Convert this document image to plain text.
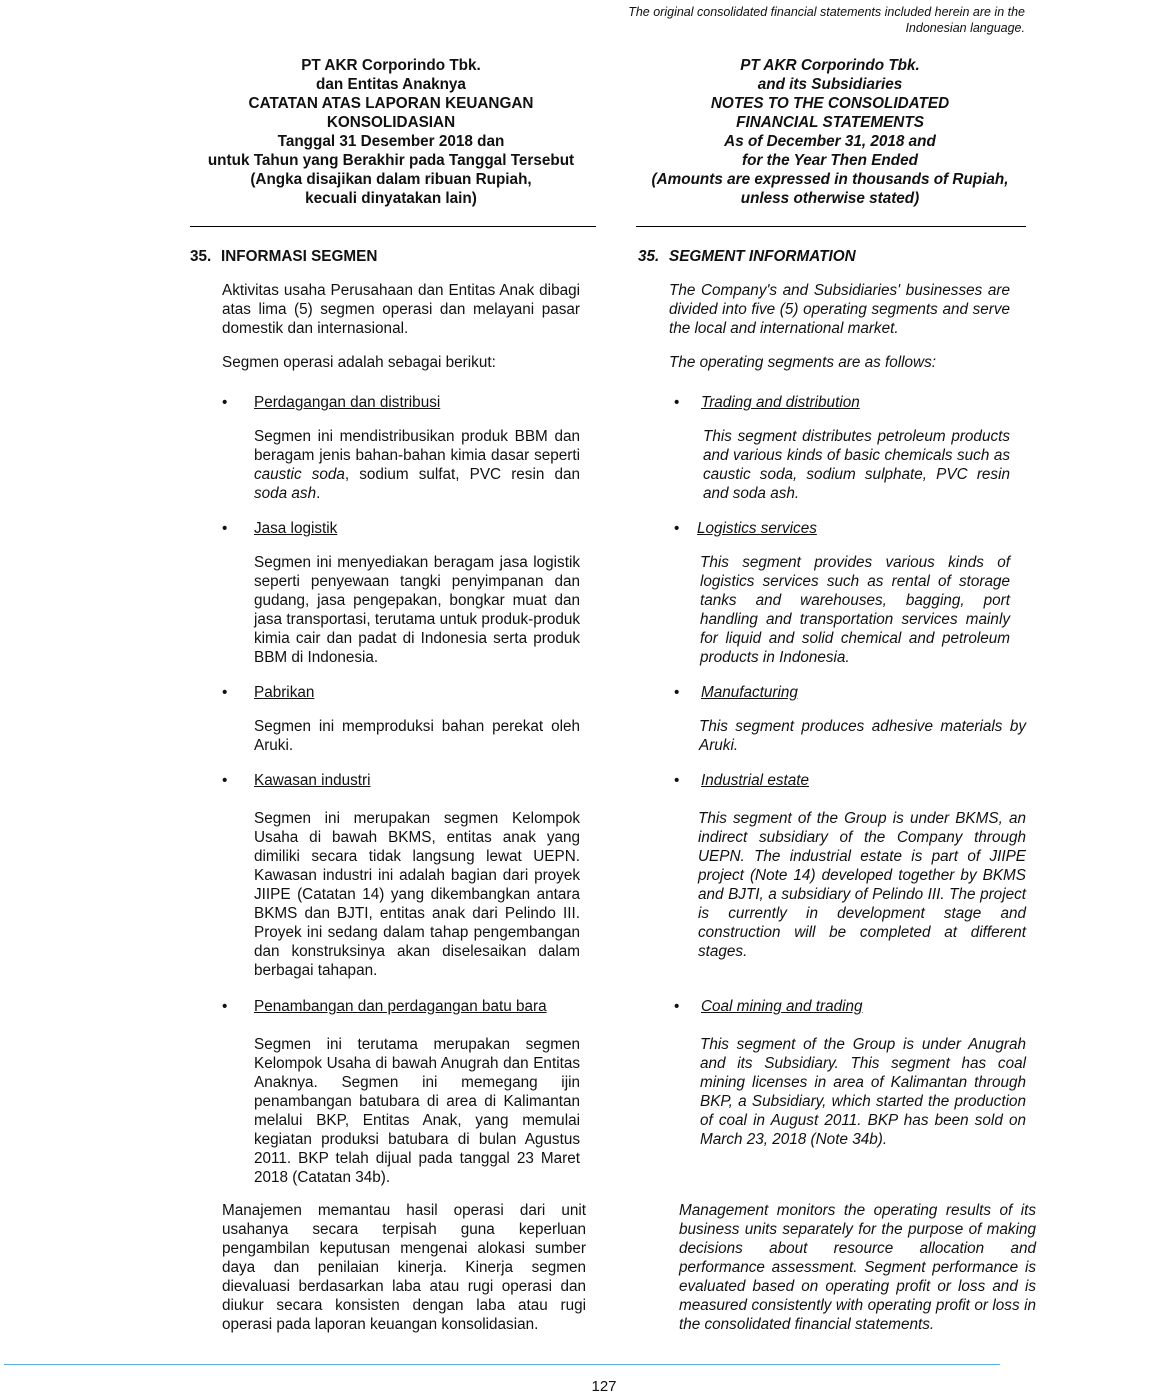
The original consolidated financial statements included herein are in the Indonesian language.
PT AKR Corporindo Tbk.
dan Entitas Anaknya
CATATAN ATAS LAPORAN KEUANGAN
KONSOLIDASIAN
Tanggal 31 Desember 2018 dan
untuk Tahun yang Berakhir pada Tanggal Tersebut
(Angka disajikan dalam ribuan Rupiah,
kecuali dinyatakan lain)
PT AKR Corporindo Tbk.
and its Subsidiaries
NOTES TO THE CONSOLIDATED
FINANCIAL STATEMENTS
As of December 31, 2018 and
for the Year Then Ended
(Amounts are expressed in thousands of Rupiah,
unless otherwise stated)
35. INFORMASI SEGMEN
Aktivitas usaha Perusahaan dan Entitas Anak dibagi atas lima (5) segmen operasi dan melayani pasar domestik dan internasional.
Segmen operasi adalah sebagai berikut:
• Perdagangan dan distribusi
Segmen ini mendistribusikan produk BBM dan beragam jenis bahan-bahan kimia dasar seperti caustic soda, sodium sulfat, PVC resin dan soda ash.
• Jasa logistik
Segmen ini menyediakan beragam jasa logistik seperti penyewaan tangki penyimpanan dan gudang, jasa pengepakan, bongkar muat dan jasa transportasi, terutama untuk produk-produk kimia cair dan padat di Indonesia serta produk BBM di Indonesia.
• Pabrikan
Segmen ini memproduksi bahan perekat oleh Aruki.
• Kawasan industri
Segmen ini merupakan segmen Kelompok Usaha di bawah BKMS, entitas anak yang dimiliki secara tidak langsung lewat UEPN. Kawasan industri ini adalah bagian dari proyek JIIPE (Catatan 14) yang dikembangkan antara BKMS dan BJTI, entitas anak dari Pelindo III. Proyek ini sedang dalam tahap pengembangan dan konstruksinya akan diselesaikan dalam berbagai tahapan.
• Penambangan dan perdagangan batu bara
Segmen ini terutama merupakan segmen Kelompok Usaha di bawah Anugrah dan Entitas Anaknya. Segmen ini memegang ijin penambangan batubara di area di Kalimantan melalui BKP, Entitas Anak, yang memulai kegiatan produksi batubara di bulan Agustus 2011. BKP telah dijual pada tanggal 23 Maret 2018 (Catatan 34b).
Manajemen memantau hasil operasi dari unit usahanya secara terpisah guna keperluan pengambilan keputusan mengenai alokasi sumber daya dan penilaian kinerja. Kinerja segmen dievaluasi berdasarkan laba atau rugi operasi dan diukur secara konsisten dengan laba atau rugi operasi pada laporan keuangan konsolidasian.
35. SEGMENT INFORMATION
The Company's and Subsidiaries' businesses are divided into five (5) operating segments and serve the local and international market.
The operating segments are as follows:
• Trading and distribution
This segment distributes petroleum products and various kinds of basic chemicals such as caustic soda, sodium sulphate, PVC resin and soda ash.
• Logistics services
This segment provides various kinds of logistics services such as rental of storage tanks and warehouses, bagging, port handling and transportation services mainly for liquid and solid chemical and petroleum products in Indonesia.
• Manufacturing
This segment produces adhesive materials by Aruki.
• Industrial estate
This segment of the Group is under BKMS, an indirect subsidiary of the Company through UEPN. The industrial estate is part of JIIPE project (Note 14) developed together by BKMS and BJTI, a subsidiary of Pelindo III. The project is currently in development stage and construction will be completed at different stages.
• Coal mining and trading
This segment of the Group is under Anugrah and its Subsidiary. This segment has coal mining licenses in area of Kalimantan through BKP, a Subsidiary, which started the production of coal in August 2011. BKP has been sold on March 23, 2018 (Note 34b).
Management monitors the operating results of its business units separately for the purpose of making decisions about resource allocation and performance assessment. Segment performance is evaluated based on operating profit or loss and is measured consistently with operating profit or loss in the consolidated financial statements.
127
